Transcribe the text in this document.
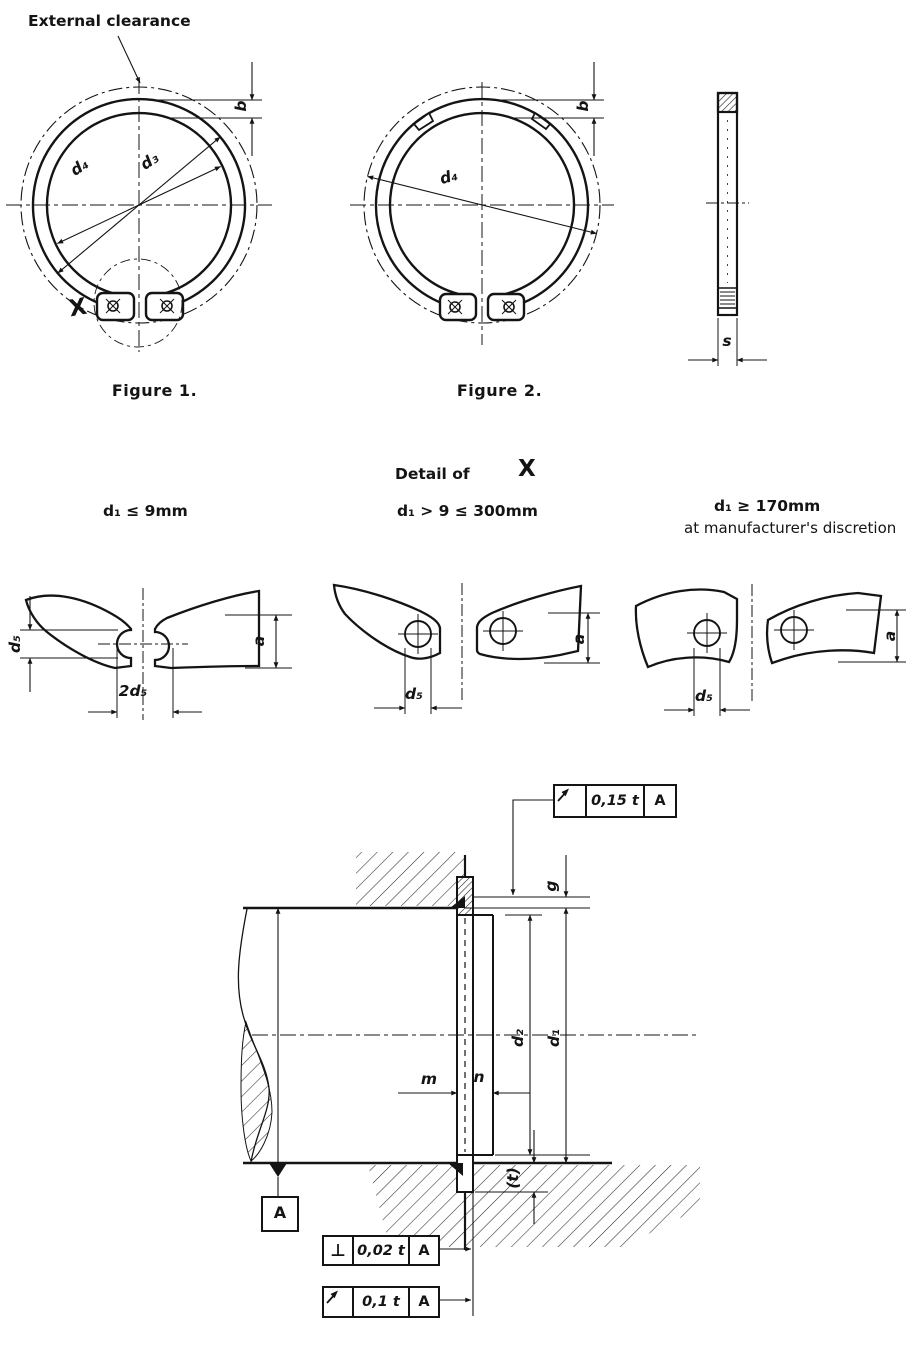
External clearance
d₄	d₃
b
X
Figure 1.
d₄
b
Figure 2.
s
Detail of X
d₁ ≤ 9mm	d₁ > 9 ≤ 300mm	d₁ ≥ 170mm
at manufacturer's discretion
d₅
2d₅
a
d₅
a
d₅
a
g
d₂ d₁
m n
(t)
A
0,15 t	A
⊥ 0,02 t A
0,1 t	A
